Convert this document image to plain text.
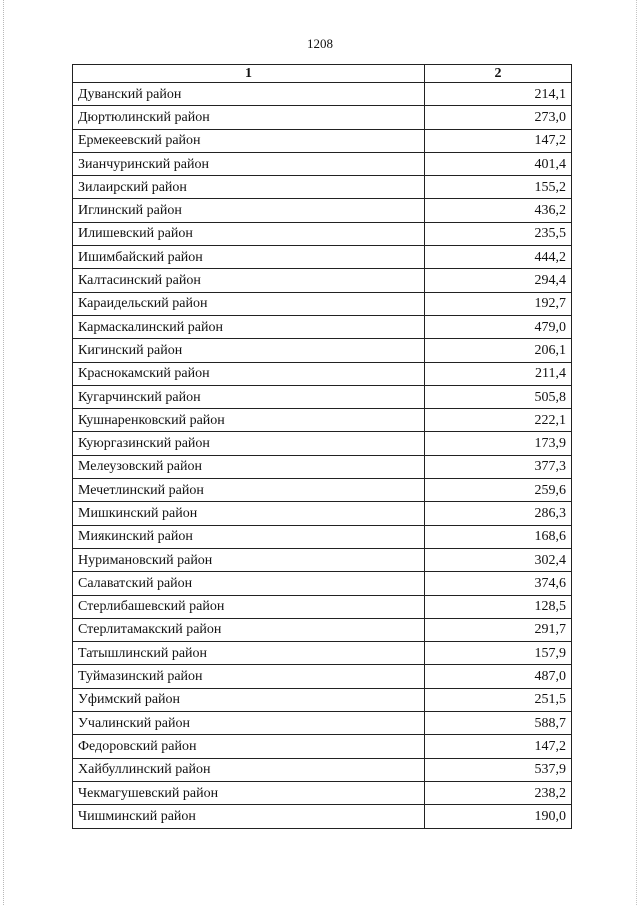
1208
1	2
Дуванский район	214,1
Дюртюлинский район	273,0
Ермекеевский район	147,2
Зианчуринский район	401,4
Зилаирский район	155,2
Иглинский район	436,2
Илишевский район	235,5
Ишимбайский район	444,2
Калтасинский район	294,4
Караидельский район	192,7
Кармаскалинский район	479,0
Кигинский район	206,1
Краснокамский район	211,4
Кугарчинский район	505,8
Кушнаренковский район	222,1
Куюргазинский район	173,9
Мелеузовский район	377,3
Мечетлинский район	259,6
Мишкинский район	286,3
Миякинский район	168,6
Нуримановский район	302,4
Салаватский район	374,6
Стерлибашевский район	128,5
Стерлитамакский район	291,7
Татышлинский район	157,9
Туймазинский район	487,0
Уфимский район	251,5
Учалинский район	588,7
Федоровский район	147,2
Хайбуллинский район	537,9
Чекмагушевский район	238,2
Чишминский район	190,0
